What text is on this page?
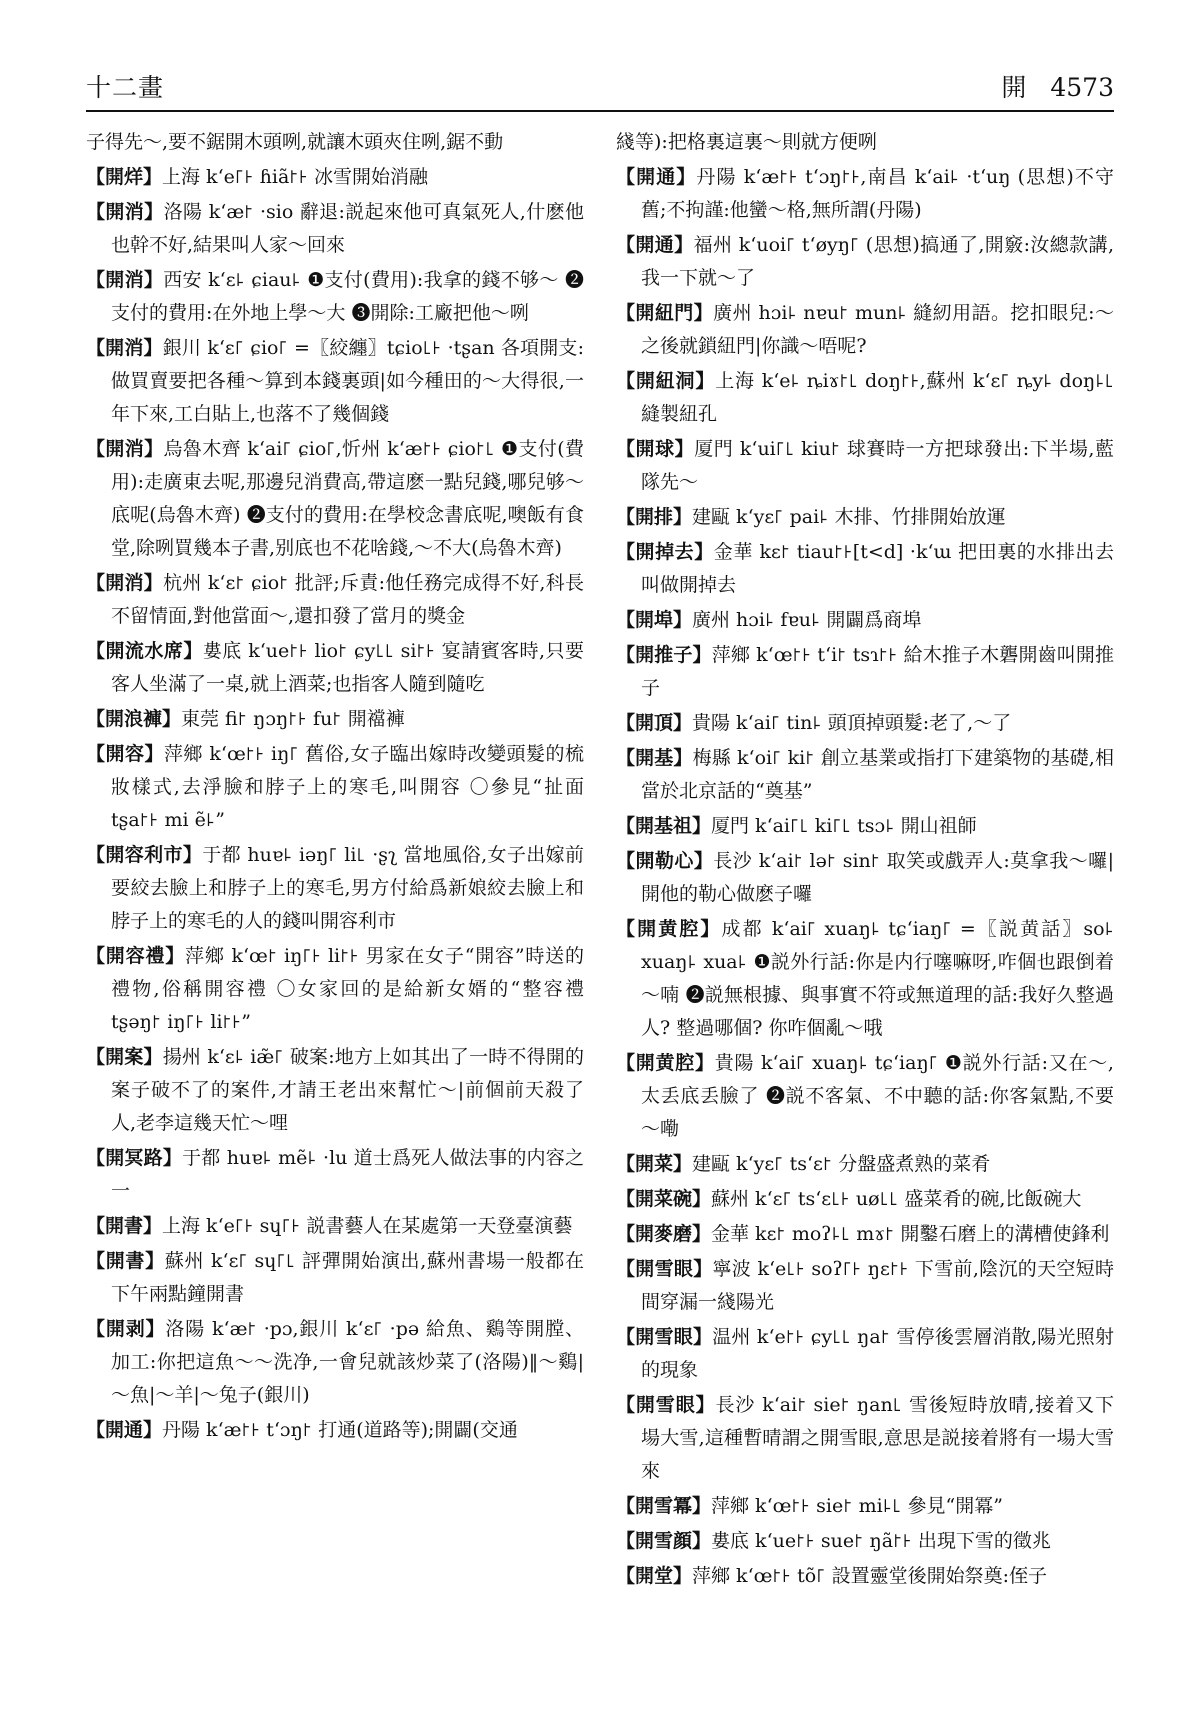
十二畫	開 4573

子得先～,要不鋸開木頭咧,就讓木頭夾住咧,鋸不動

【開烊】上海 kʻe꜒꜔ ɦiã꜓꜔ 冰雪開始消融

【開消】洛陽 kʻæ꜓ ·sio 辭退:説起來他可真氣死人,什麽他也幹不好,結果叫人家～回來

【開消】西安 kʻɛ꜕ ɕiau꜕ ❶支付(費用):我拿的錢不够～ ❷支付的費用:在外地上學～大 ❸開除:工廠把他～咧

【開消】銀川 kʻɛ꜒ ɕio꜒ =〖絞纏〗tɕio꜖꜔ ·tʂan 各項開支:做買賣要把各種～算到本錢裏頭|如今種田的～大得很,一年下來,工白貼上,也落不了幾個錢

【開消】烏魯木齊 kʻai꜒ ɕio꜒,忻州 kʻæ꜓꜔ ɕio꜓꜖ ❶支付(費用):走廣東去呢,那邊兒消費高,帶這麽一點兒錢,哪兒够～底呢(烏魯木齊) ❷支付的費用:在學校念書底呢,噢飯有食堂,除咧買幾本子書,别底也不花啥錢,～不大(烏魯木齊)

【開消】杭州 kʻɛ꜓ ɕio꜓ 批評;斥責:他任務完成得不好,科長不留情面,對他當面～,還扣發了當月的獎金

【開流水席】婁底 kʻue꜓꜔ lio꜓ ɕy꜖꜖ si꜓꜔ 宴請賓客時,只要客人坐滿了一桌,就上酒菜;也指客人隨到隨吃

【開浪褲】東莞 fi꜓ ŋɔŋ꜓꜔ fu꜓ 開襠褲

【開容】萍鄉 kʻœ꜓꜔ iŋ꜒ 舊俗,女子臨出嫁時改變頭髮的梳妝樣式,去淨臉和脖子上的寒毛,叫開容 〇參見“扯面 tʂa꜓꜔ mi ẽ꜕”

【開容利市】于都 huɐ꜕ iəŋ꜒ li꜖ ·ʂʅ 當地風俗,女子出嫁前要絞去臉上和脖子上的寒毛,男方付給爲新娘絞去臉上和脖子上的寒毛的人的錢叫開容利市

【開容禮】萍鄉 kʻœ꜓ iŋ꜒꜔ li꜓꜔ 男家在女子“開容”時送的禮物,俗稱開容禮 〇女家回的是給新女婿的“整容禮 tʂəŋ꜓ iŋ꜒꜔ li꜓꜔”

【開案】揚州 kʻɛ꜕ iæ̃꜒ 破案:地方上如其出了一時不得開的案子破不了的案件,才請王老出來幫忙～|前個前天殺了人,老李這幾天忙～哩

【開冥路】于都 huɐ꜕ mẽ꜕ ·lu 道士爲死人做法事的内容之一

【開書】上海 kʻe꜒꜔ sɥ꜒꜔ 説書藝人在某處第一天登臺演藝

【開書】蘇州 kʻɛ꜒ sɥ꜒꜖ 評彈開始演出,蘇州書場一般都在下午兩點鐘開書

【開剥】洛陽 kʻæ꜓ ·pɔ,銀川 kʻɛ꜒ ·pə 給魚、鷄等開膛、加工:你把這魚～～洗净,一會兒就該炒菜了(洛陽)‖～鷄|～魚|～羊|～兔子(銀川)

【開通】丹陽 kʻæ꜓꜔ tʻɔŋ꜓ 打通(道路等);開闢(交通

綫等):把格裏這裏～則就方便咧

【開通】丹陽 kʻæ꜓꜔ tʻɔŋ꜓꜔,南昌 kʻai꜕ ·tʻuŋ (思想)不守舊;不拘謹:他蠻～格,無所謂(丹陽)

【開通】福州 kʻuoi꜒ tʻøyŋ꜒ (思想)搞通了,開竅:汝總款講,我一下就～了

【開紐門】廣州 hɔi꜕ nɐu꜓ mun꜕ 縫紉用語。挖扣眼兒:～之後就鎖紐門|你識～唔呢?

【開紐洞】上海 kʻe꜕ ȵiɤ꜓꜖ doŋ꜓꜔,蘇州 kʻɛ꜒ ȵy꜕ doŋ꜕꜖ 縫製紐孔

【開球】厦門 kʻui꜒꜖ kiu꜓ 球賽時一方把球發出:下半場,藍隊先～

【開排】建甌 kʻyɛ꜒ pai꜕ 木排、竹排開始放運

【開掉去】金華 kɛ꜓ tiau꜓꜔[t<d] ·kʻɯ 把田裏的水排出去叫做開掉去

【開埠】廣州 hɔi꜕ fɐu꜕ 開闢爲商埠

【開推子】萍鄉 kʻœ꜓꜔ tʻi꜓ tsɿ꜓꜔ 給木推子木礱開齒叫開推子

【開頂】貴陽 kʻai꜒ tin꜕ 頭頂掉頭髮:老了,～了

【開基】梅縣 kʻoi꜒ ki꜓ 創立基業或指打下建築物的基礎,相當於北京話的“奠基”

【開基祖】厦門 kʻai꜒꜖ ki꜒꜖ tsɔ꜕ 開山祖師

【開勒心】長沙 kʻai꜓ lə꜓ sin꜓ 取笑或戲弄人:莫拿我～囉|開他的勒心做麽子囉

【開黄腔】成都 kʻai꜒ xuaŋ꜕ tɕʻiaŋ꜒ =〖説黄話〗so꜕ xuaŋ꜕ xua꜕ ❶説外行話:你是内行噻嘛呀,咋個也跟倒着～喃 ❷説無根據、與事實不符或無道理的話:我好久整過人? 整過哪個? 你咋個亂～哦

【開黄腔】貴陽 kʻai꜒ xuaŋ꜕ tɕʻiaŋ꜒ ❶説外行話:又在～,太丢底丢臉了 ❷説不客氣、不中聽的話:你客氣點,不要～嘞

【開菜】建甌 kʻyɛ꜒ tsʻɛ꜓ 分盤盛煮熟的菜肴

【開菜碗】蘇州 kʻɛ꜒ tsʻɛ꜖꜔ uø꜖꜖ 盛菜肴的碗,比飯碗大

【開麥磨】金華 kɛ꜓ moʔ꜕꜖ mɤ꜓ 開鑿石磨上的溝槽使鋒利

【開雪眼】寧波 kʻe꜖꜔ soʔ꜒꜔ ŋɛ꜓꜔ 下雪前,陰沉的天空短時間穿漏一綫陽光

【開雪眼】温州 kʻe꜓꜔ ɕy꜖꜖ ŋa꜓ 雪停後雲層消散,陽光照射的現象

【開雪眼】長沙 kʻai꜓ sie꜓ ŋan꜖ 雪後短時放晴,接着又下場大雪,這種暫晴謂之開雪眼,意思是説接着將有一場大雪來

【開雪冪】萍鄉 kʻœ꜓꜔ sie꜓ mi꜕꜖ 參見“開冪”

【開雪顔】婁底 kʻue꜓꜔ sue꜓ ŋã꜓꜔ 出現下雪的徵兆

【開堂】萍鄉 kʻœ꜓꜔ tõ꜒ 設置靈堂後開始祭奠:侄子
